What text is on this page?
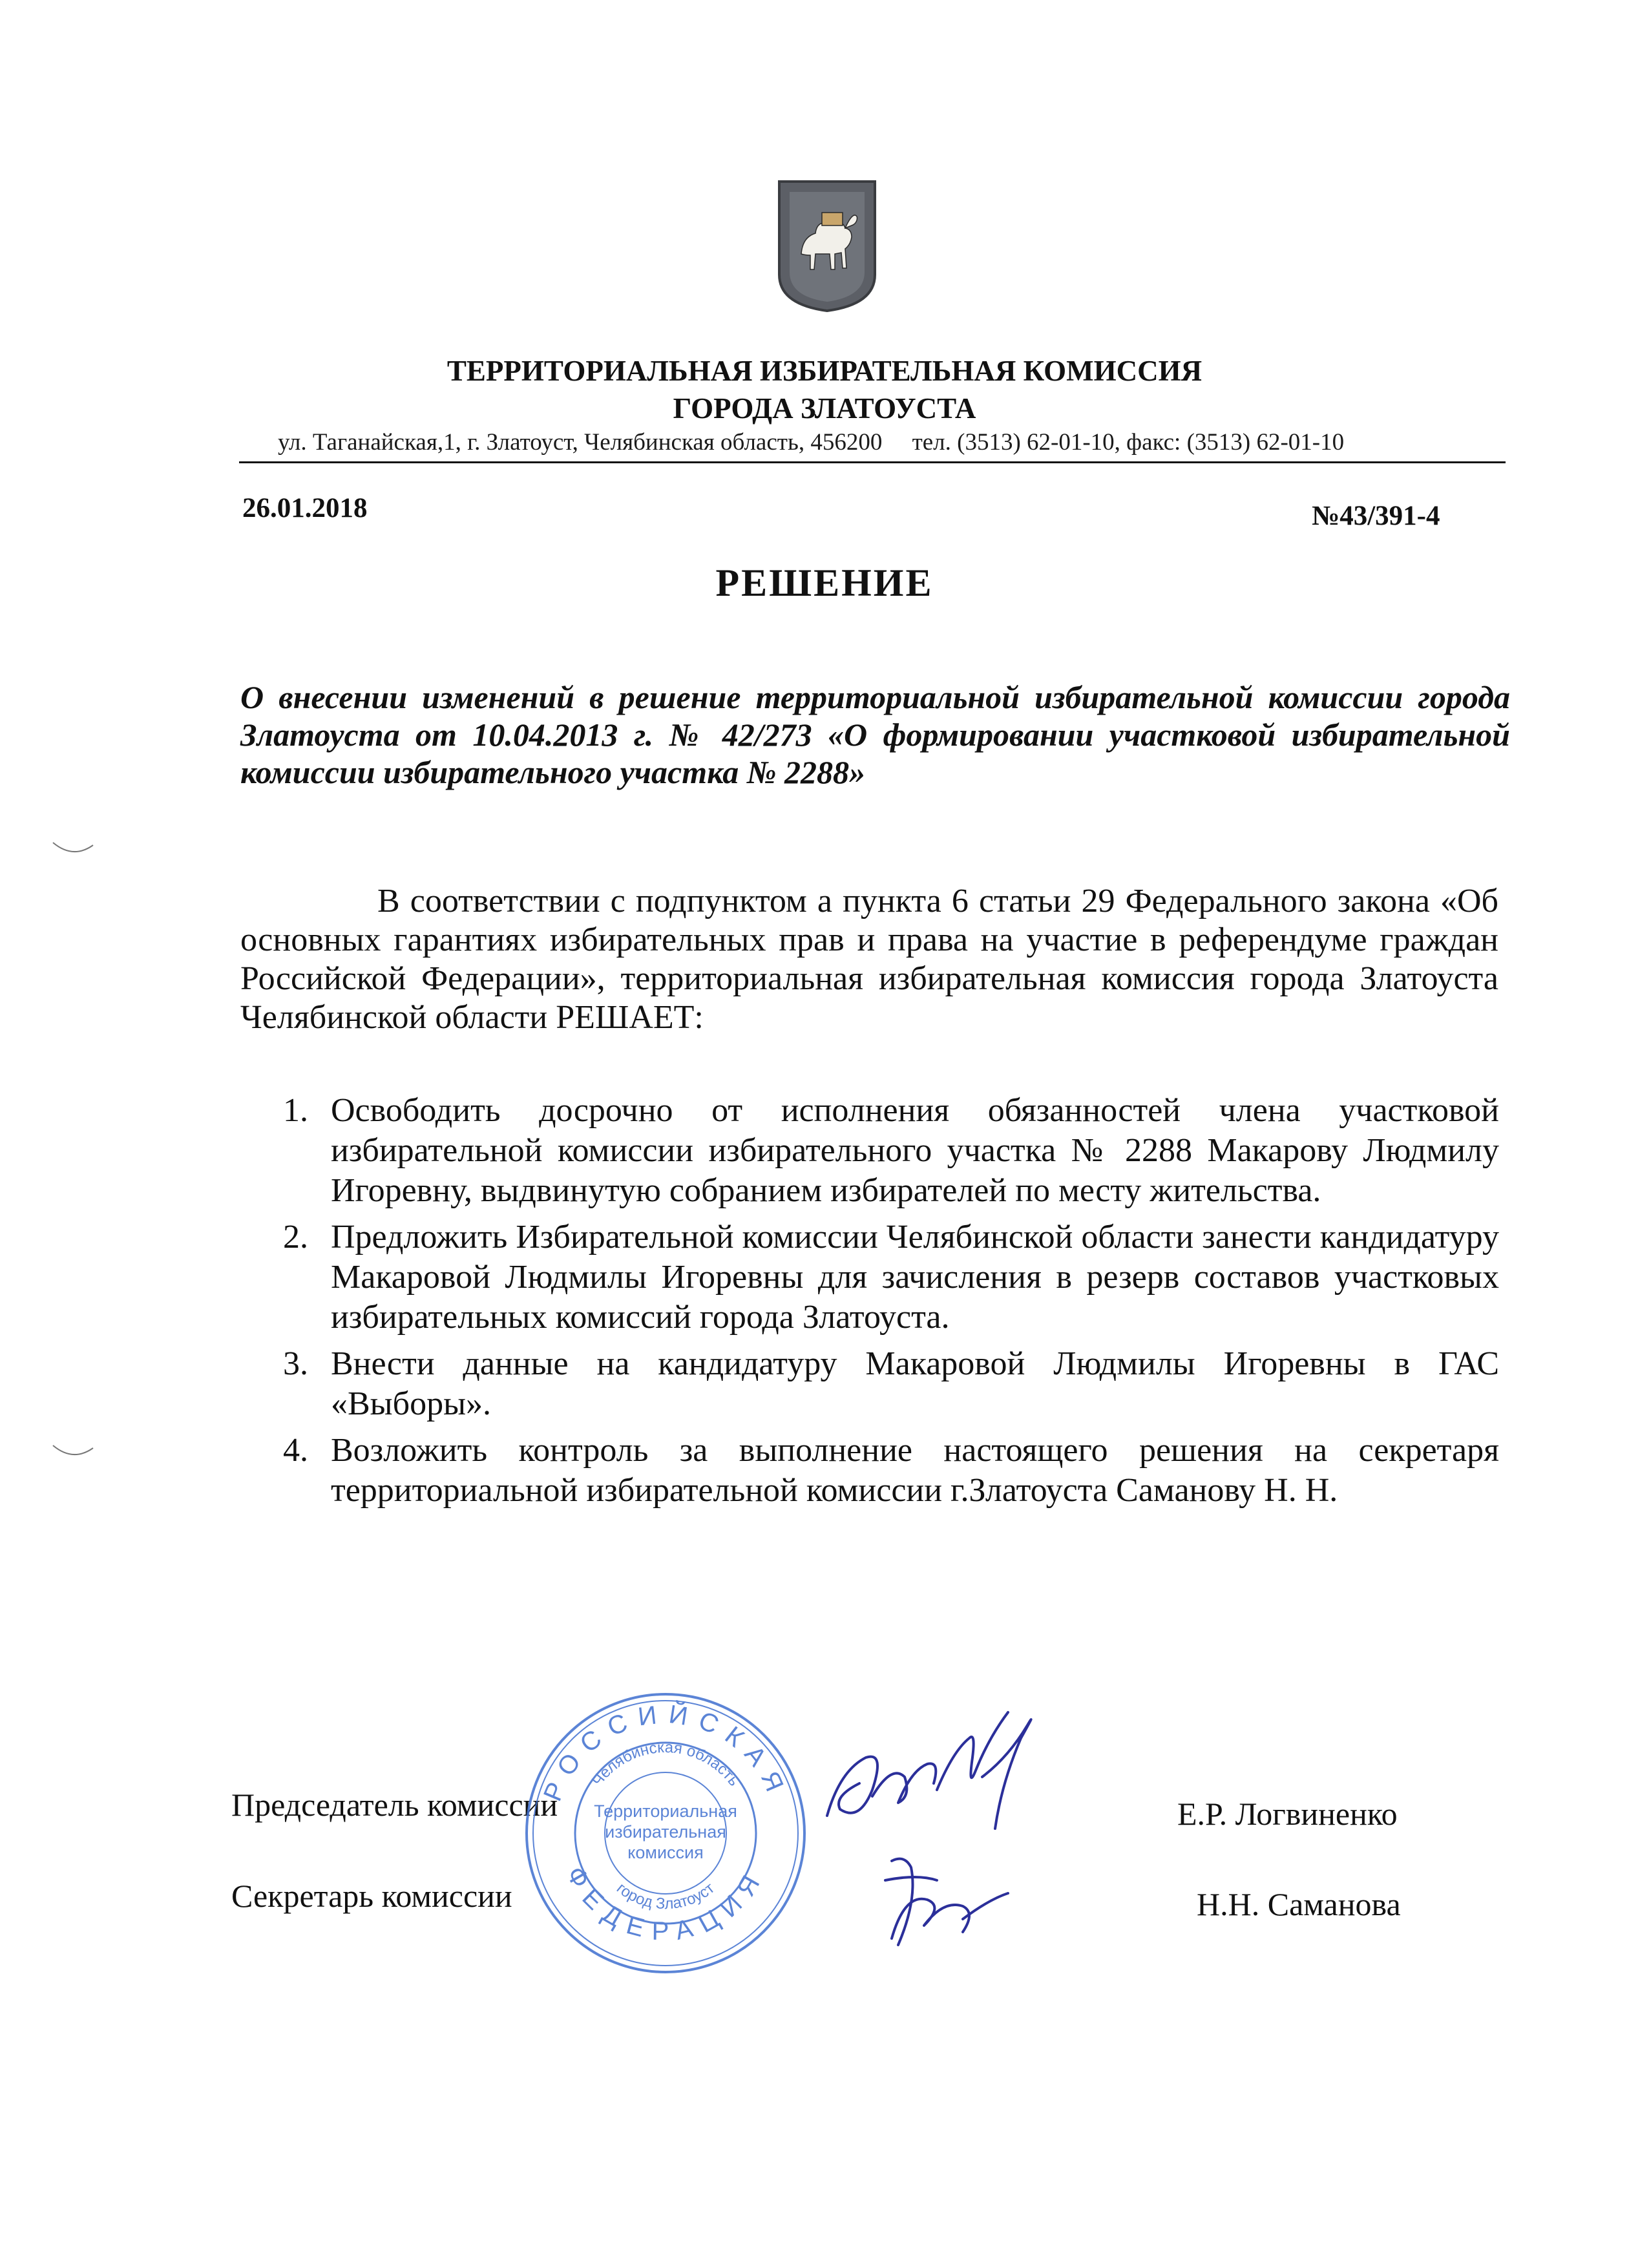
ТЕРРИТОРИАЛЬНАЯ ИЗБИРАТЕЛЬНАЯ КОМИССИЯ
ГОРОДА ЗЛАТОУСТА
ул. Таганайская,1, г. Златоуст, Челябинская область, 456200 тел. (3513) 62-01-10, факс: (3513) 62-01-10
26.01.2018	№43/391-4
РЕШЕНИЕ
О внесении изменений в решение территориальной избирательной комиссии города Златоуста от 10.04.2013 г. № 42/273 «О формировании участковой избирательной комиссии избирательного участка № 2288»
В соответствии с подпунктом а пункта 6 статьи 29 Федерального закона «Об основных гарантиях избирательных прав и права на участие в референдуме граждан Российской Федерации», территориальная избирательная комиссия города Златоуста Челябинской области РЕШАЕТ:
1. Освободить досрочно от исполнения обязанностей члена участковой избирательной комиссии избирательного участка № 2288 Макарову Людмилу Игоревну, выдвинутую собранием избирателей по месту жительства.
2. Предложить Избирательной комиссии Челябинской области занести кандидатуру Макаровой Людмилы Игоревны для зачисления в резерв составов участковых избирательных комиссий города Златоуста.
3. Внести данные на кандидатуру Макаровой Людмилы Игоревны в ГАС «Выборы».
4. Возложить контроль за выполнение настоящего решения на секретаря территориальной избирательной комиссии г.Златоуста Саманову Н. Н.
Председатель комиссии	Е.Р. Логвиненко
Секретарь комиссии	Н.Н. Саманова
РОССИЙСКАЯ
ФЕДЕРАЦИЯ
Челябинская область
город Златоуст
Территориальная
избирательная
комиссия
